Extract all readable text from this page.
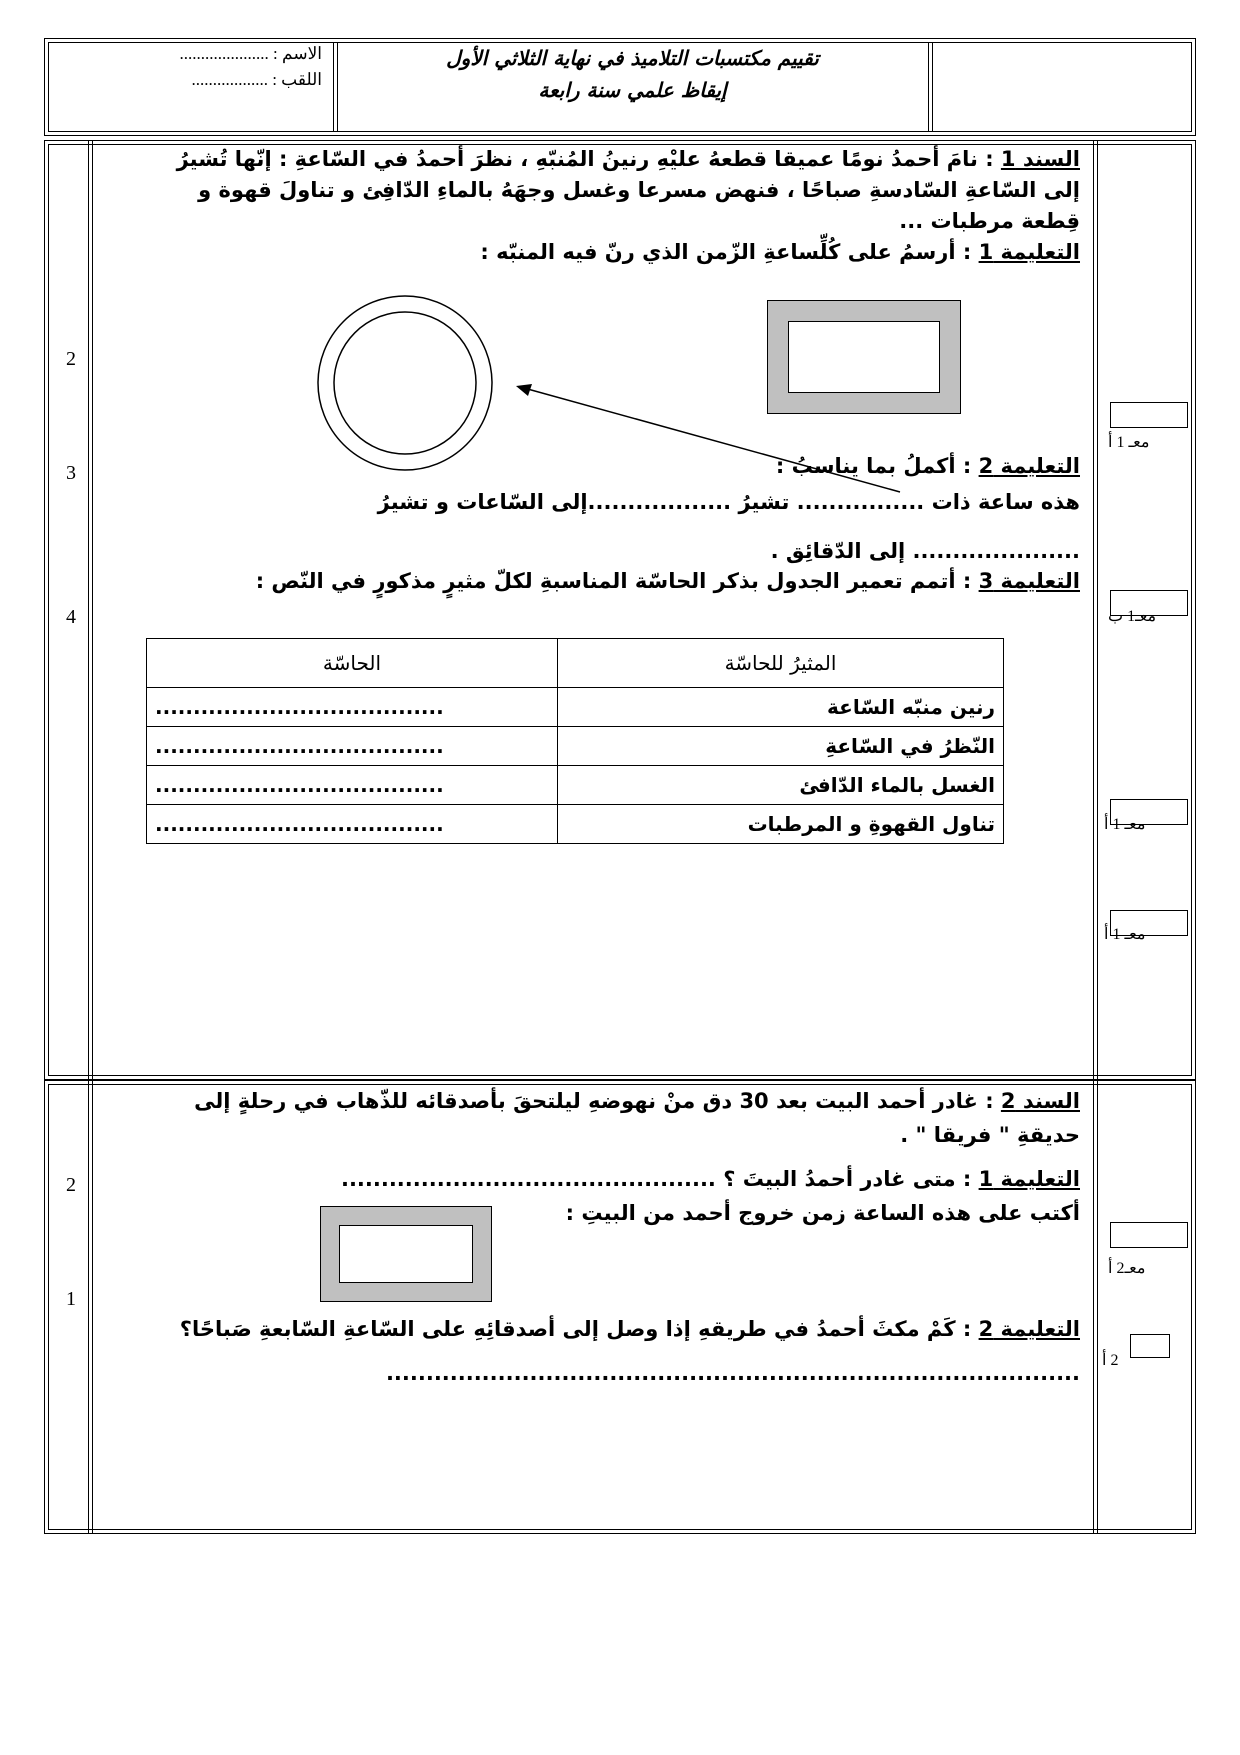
الاسم : .....................
اللقب : ..................
تقييم مكتسبات التلاميذ في نهاية الثلاثي الأول
إيقاظ علمي سنة رابعة
2
3
4
السند 1 : نامَ أحمدُ نومًا عميقا قطعهُ عليْهِ رنينُ المُنبّهِ ، نظرَ أحمدُ في السّاعةِ : إنّها تُشيرُ
إلى السّاعةِ السّادسةِ صباحًا ، فنهض مسرعا وغسل وجهَهُ بالماءِ الدّافِئ و تناولَ قهوة و
قِطعة مرطبات ...
التعليمة 1 : أرسمُ على كُلِّساعةِ الزّمن الذي رنّ فيه المنبّه :
التعليمة 2 : أكملُ بما يناسبُ :
هذه ساعة ذات ................ تشيرُ ..................إلى السّاعات و تشيرُ
..................... إلى الدّقائِق .
التعليمة 3 : أتمم تعمير الجدول بذكر الحاسّة المناسبةِ لكلّ مثيرٍ مذكورٍ في النّص :
المثيرُ للحاسّة	الحاسّة
رنين منبّه السّاعة	......................................
النّظرُ في السّاعةِ	......................................
الغسل بالماء الدّافئ	......................................
تناول القهوةِ و المرطبات	......................................
معـ 1 أ
معـ1 ب
معـ 1 أ
معـ 1 أ
2
1
السند 2 : غادر أحمد البيت بعد 30 دق منْ نهوضهِ ليلتحقَ بأصدقائه للذّهاب في رحلةٍ إلى
حديقةِ " فريقا " .
التعليمة 1 : متى غادر أحمدُ البيتَ ؟ ...............................................
أكتب على هذه الساعة زمن خروج أحمد من البيتِ :
التعليمة 2 : كَمْ مكثَ أحمدُ في طريقهِ إذا وصل إلى أصدقائِهِ على السّاعةِ السّابعةِ صَباحًا؟
.......................................................................................
معـ2 أ
2 أ
